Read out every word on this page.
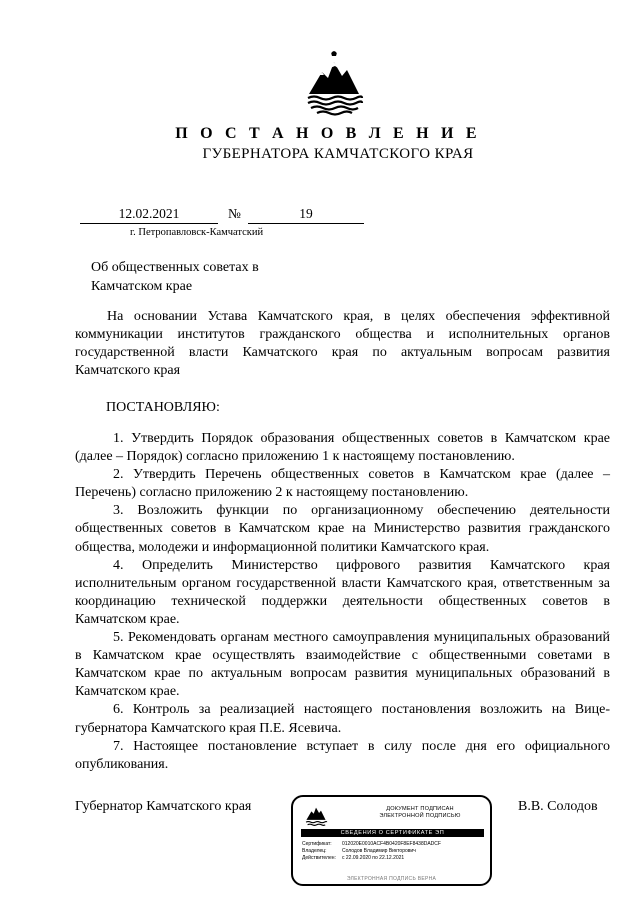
П О С Т А Н О В Л Е Н И Е
ГУБЕРНАТОРА КАМЧАТСКОГО КРАЯ
12.02.2021	№	19
г. Петропавловск-Камчатский
Об общественных советах в
Камчатском крае
На основании Устава Камчатского края, в целях обеспечения эффективной коммуникации институтов гражданского общества и исполнительных органов государственной власти Камчатского края по актуальным вопросам развития Камчатского края
ПОСТАНОВЛЯЮ:

1. Утвердить Порядок образования общественных советов в Камчатском крае (далее – Порядок) согласно приложению 1 к настоящему постановлению.

2. Утвердить Перечень общественных советов в Камчатском крае (далее – Перечень) согласно приложению 2 к настоящему постановлению.

3. Возложить функции по организационному обеспечению деятельности общественных советов в Камчатском крае на Министерство развития гражданского общества, молодежи и информационной политики Камчатского края.

4. Определить Министерство цифрового развития Камчатского края исполнительным органом государственной власти Камчатского края, ответственным за координацию технической поддержки деятельности общественных советов в Камчатском крае.

5. Рекомендовать органам местного самоуправления муниципальных образований в Камчатском крае осуществлять взаимодействие с общественными советами в Камчатском крае по актуальным вопросам развития муниципальных образований в Камчатском крае.

6. Контроль за реализацией настоящего постановления возложить на Вице-губернатора Камчатского края П.Е. Ясевича.

7. Настоящее постановление вступает в силу после дня его официального опубликования.

Губернатор Камчатского края	В.В. Солодов
ДОКУМЕНТ ПОДПИСАН
ЭЛЕКТРОННОЙ ПОДПИСЬЮ
СВЕДЕНИЯ О СЕРТИФИКАТЕ ЭП
Сертификат:	012020E0010ACF4B0420F8EF8438DADCF
Владелец:	Солодов Владимир Викторович
Действителен:	с 22.09.2020 по 22.12.2021
ЭЛЕКТРОННАЯ ПОДПИСЬ ВЕРНА
